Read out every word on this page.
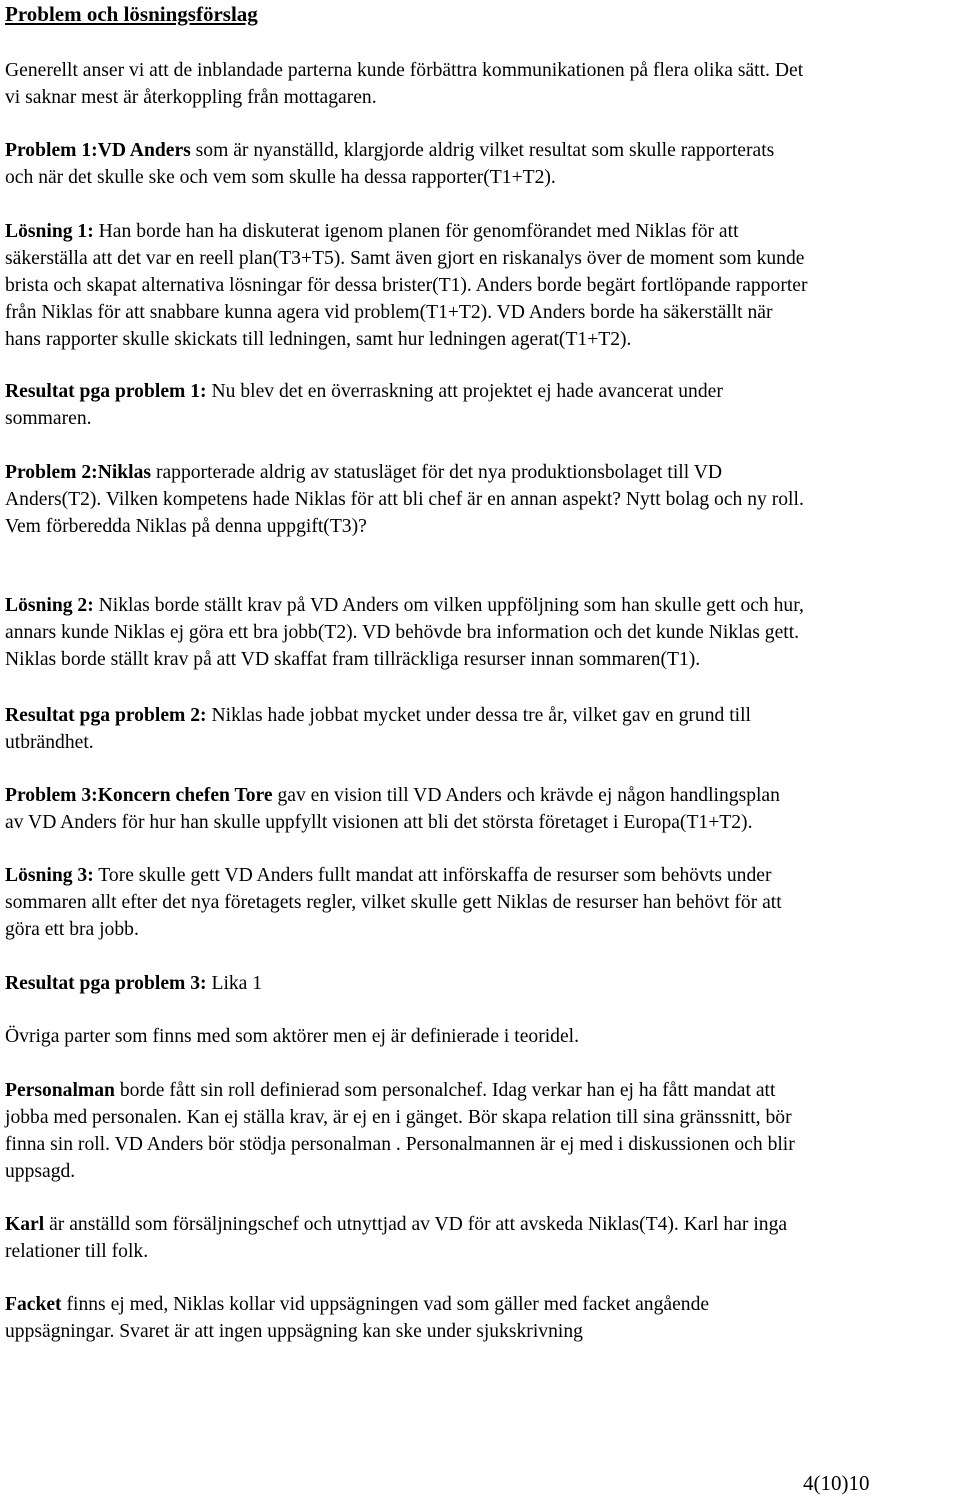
Problem och lösningsförslag

Generellt anser vi att de inblandade parterna kunde förbättra kommunikationen på flera olika sätt. Det
vi saknar mest är återkoppling från mottagaren.

Problem 1:VD Anders som är nyanställd, klargjorde aldrig vilket resultat som skulle rapporterats
och när det skulle ske och vem som skulle ha dessa rapporter(T1+T2).

Lösning 1: Han borde han ha diskuterat igenom planen för genomförandet med Niklas för att
säkerställa att det var en reell plan(T3+T5). Samt även gjort en riskanalys över de moment som kunde
brista och skapat alternativa lösningar för dessa brister(T1). Anders borde begärt fortlöpande rapporter
från Niklas för att snabbare kunna agera vid problem(T1+T2). VD Anders borde ha säkerställt när
hans rapporter skulle skickats till ledningen, samt hur ledningen agerat(T1+T2).

Resultat pga problem 1: Nu blev det en överraskning att projektet ej hade avancerat under
sommaren.

Problem 2:Niklas rapporterade aldrig av statusläget för det nya produktionsbolaget till VD
Anders(T2). Vilken kompetens hade Niklas för att bli chef är en annan aspekt? Nytt bolag och ny roll.
Vem förberedda Niklas på denna uppgift(T3)?

Lösning 2: Niklas borde ställt krav på VD Anders om vilken uppföljning som han skulle gett och hur,
annars kunde Niklas ej göra ett bra jobb(T2). VD behövde bra information och det kunde Niklas gett.
Niklas borde ställt krav på att VD skaffat fram tillräckliga resurser innan sommaren(T1).

Resultat pga problem 2: Niklas hade jobbat mycket under dessa tre år, vilket gav en grund till
utbrändhet.

Problem 3:Koncern chefen Tore gav en vision till VD Anders och krävde ej någon handlingsplan
av VD Anders för hur han skulle uppfyllt visionen att bli det största företaget i Europa(T1+T2).

Lösning 3: Tore skulle gett VD Anders fullt mandat att införskaffa de resurser som behövts under
sommaren allt efter det nya företagets regler, vilket skulle gett Niklas de resurser han behövt för att
göra ett bra jobb.

Resultat pga problem 3: Lika 1

Övriga parter som finns med som aktörer men ej är definierade i teoridel.

Personalman borde fått sin roll definierad som personalchef. Idag verkar han ej ha fått mandat att
jobba med personalen. Kan ej ställa krav, är ej en i gänget. Bör skapa relation till sina gränssnitt, bör
finna sin roll. VD Anders bör stödja personalman . Personalmannen är ej med i diskussionen och blir
uppsagd.

Karl är anställd som försäljningschef och utnyttjad av VD för att avskeda Niklas(T4). Karl har inga
relationer till folk.

Facket finns ej med, Niklas kollar vid uppsägningen vad som gäller med facket angående
uppsägningar. Svaret är att ingen uppsägning kan ske under sjukskrivning

4(10)10
